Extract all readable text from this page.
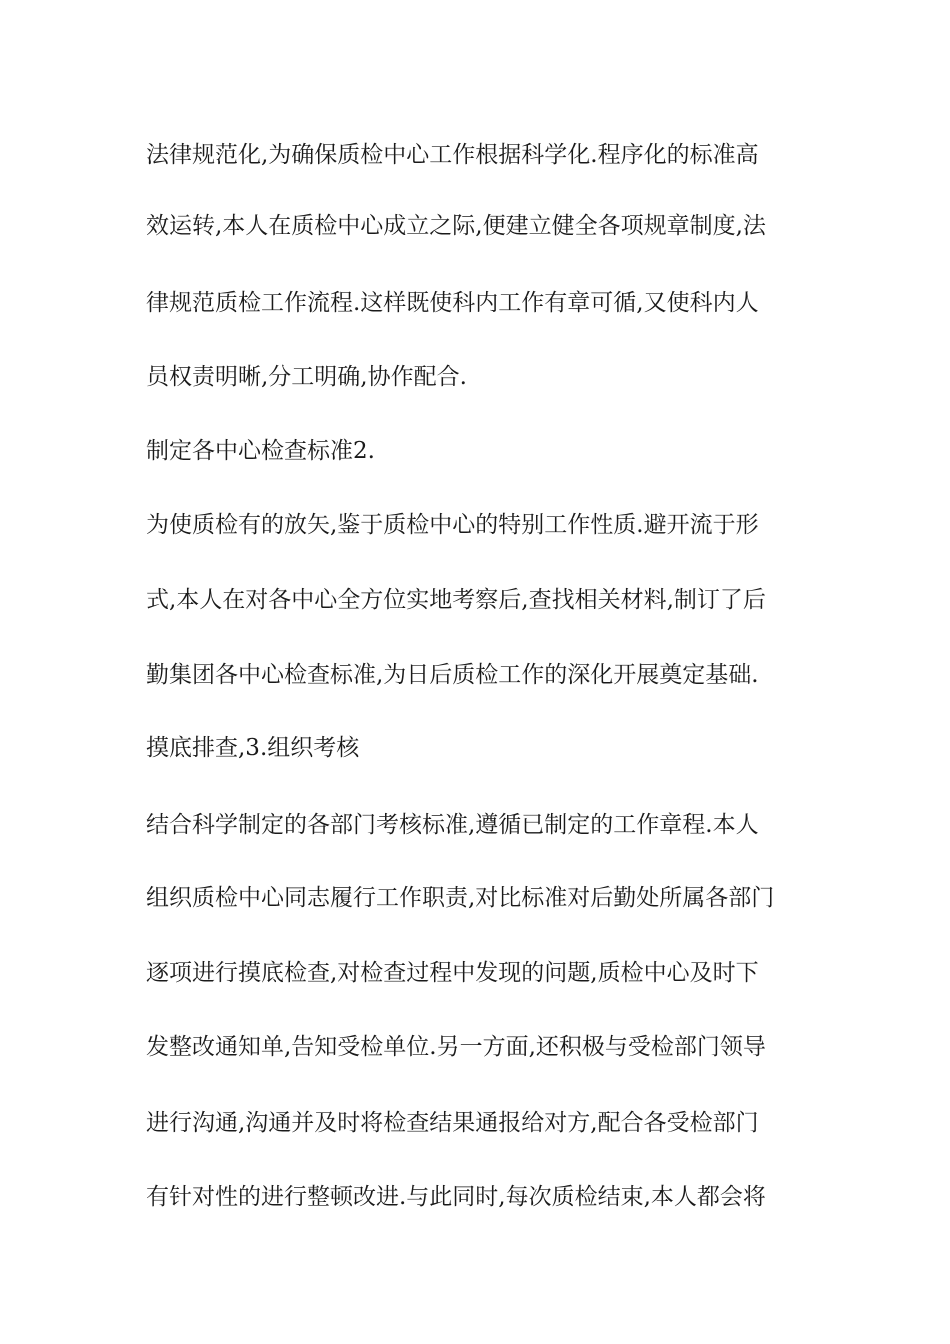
法律规范化,为确保质检中心工作根据科学化.程序化的标准高
效运转,本人在质检中心成立之际,便建立健全各项规章制度,法
律规范质检工作流程.这样既使科内工作有章可循,又使科内人
员权责明晰,分工明确,协作配合.
制定各中心检查标准2.
为使质检有的放矢,鉴于质检中心的特别工作性质.避开流于形
式,本人在对各中心全方位实地考察后,查找相关材料,制订了后
勤集团各中心检查标准,为日后质检工作的深化开展奠定基础.
摸底排查,3.组织考核
结合科学制定的各部门考核标准,遵循已制定的工作章程.本人
组织质检中心同志履行工作职责,对比标准对后勤处所属各部门
逐项进行摸底检查,对检查过程中发现的问题,质检中心及时下
发整改通知单,告知受检单位.另一方面,还积极与受检部门领导
进行沟通,沟通并及时将检查结果通报给对方,配合各受检部门
有针对性的进行整顿改进.与此同时,每次质检结束,本人都会将
